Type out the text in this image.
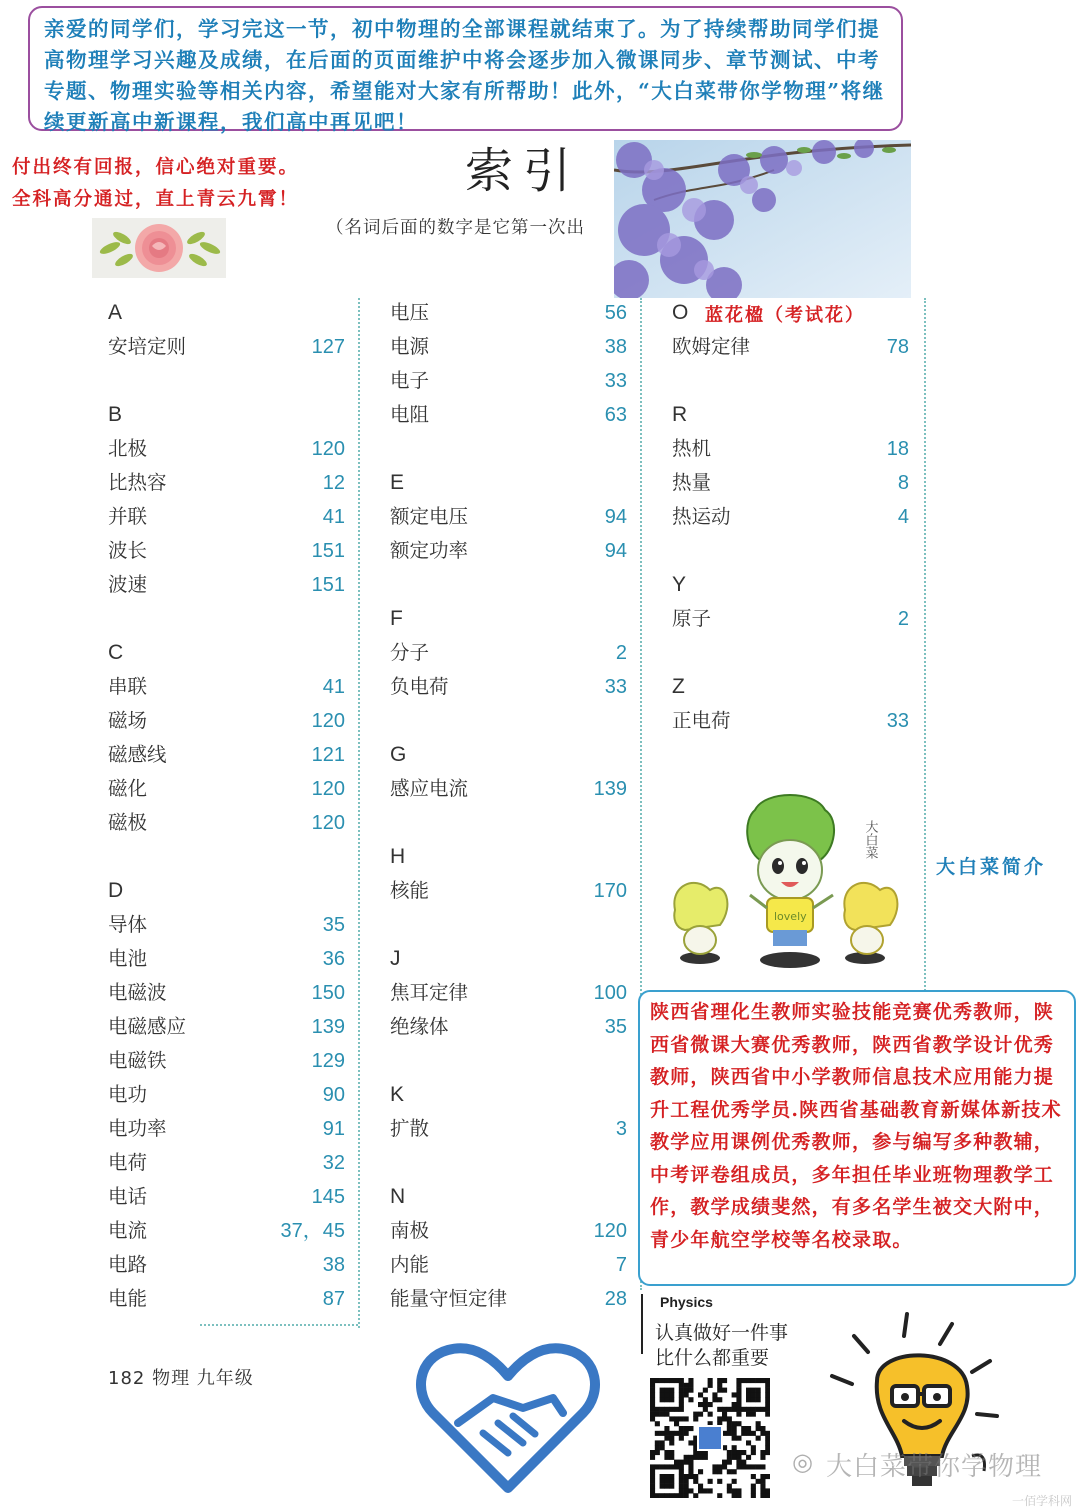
亲爱的同学们，学习完这一节，初中物理的全部课程就结束了。为了持续帮助同学们提高物理学习兴趣及成绩，在后面的页面维护中将会逐步加入微课同步、章节测试、中考专题、物理实验等相关内容，希望能对大家有所帮助！此外，“大白菜带你学物理”将继续更新高中新课程，我们高中再见吧！
付出终有回报，信心绝对重要。
全科高分通过，直上青云九霄！
索引
（名词后面的数字是它第一次出
A
安培定则	127
B
北极	120
比热容	12
并联	41
波长	151
波速	151
C
串联	41
磁场	120
磁感线	121
磁化	120
磁极	120
D
导体	35
电池	36
电磁波	150
电磁感应	139
电磁铁	129
电功	90
电功率	91
电荷	32
电话	145
电流	37，45
电路	38
电能	87
电压	56
电源	38
电子	33
电阻	63
E
额定电压	94
额定功率	94
F
分子	2
负电荷	33
G
感应电流	139
H
核能	170
J
焦耳定律	100
绝缘体	35
K
扩散	3
N
南极	120
内能	7
能量守恒定律	28
O
欧姆定律	78
R
热机	18
热量	8
热运动	4
Y
原子	2
Z
正电荷	33
蓝花楹（考试花）
lovely
大白菜
大白菜简介
陕西省理化生教师实验技能竞赛优秀教师，陕西省微课大赛优秀教师，陕西省教学设计优秀教师，陕西省中小学教师信息技术应用能力提升工程优秀学员.陕西省基础教育新媒体新技术教学应用课例优秀教师，参与编写多种教辅，中考评卷组成员，多年担任毕业班物理教学工作，教学成绩斐然，有多名学生被交大附中，青少年航空学校等名校录取。
182 物理 九年级
Physics
认真做好一件事
比什么都重要
◎ 大白菜带你学物理
一佰学科网
